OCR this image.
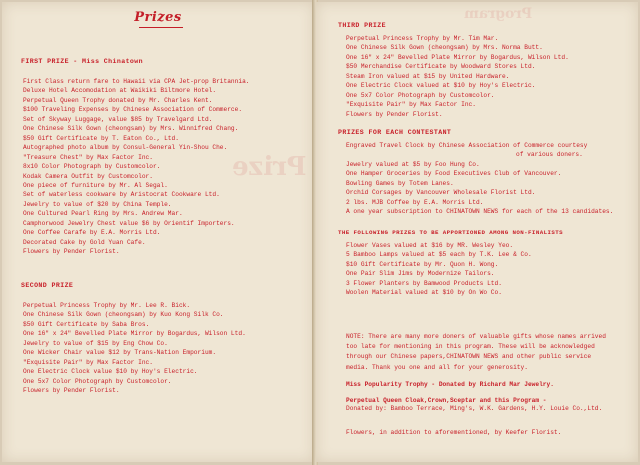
Prize
Prizes
FIRST PRIZE - Miss Chinatown
First Class return fare to Hawaii via CPA Jet-prop Britannia.
Deluxe Hotel Accomodation at Waikiki Biltmore Hotel.
Perpetual Queen Trophy donated by Mr. Charles Kent.
$100 Traveling Expenses by Chinese Association of Commerce.
Set of Skyway Luggage, value $85 by Travelgard Ltd.
One Chinese Silk Gown (cheongsam) by Mrs. Winnifred Chang.
$50 Gift Certificate by T. Eaton Co., Ltd.
Autographed photo album by Consul-General Yin-Shou Che.
"Treasure Chest" by Max Factor Inc.
8x10 Color Photograph by Customcolor.
Kodak Camera Outfit by Customcolor.
One piece of furniture by Mr. Al Segal.
Set of waterless cookware by Aristocrat Cookware Ltd.
Jewelry to value of $20 by China Temple.
One Cultured Pearl Ring by Mrs. Andrew Mar.
Camphorwood Jewelry Chest value $6 by Orientif Importers.
One Coffee Carafe by E.A. Morris Ltd.
Decorated Cake by Gold Yuan Cafe.
Flowers by Pender Florist.
SECOND PRIZE
Perpetual Princess Trophy by Mr. Lee R. Bick.
One Chinese Silk Gown (cheongsam) by Kuo Kong Silk Co.
$50 Gift Certificate by Saba Bros.
One 16" x 24" Bevelled Plate Mirror by Bogardus, Wilson Ltd.
Jewelry to value of $15 by Eng Chow Co.
One Wicker Chair value $12 by Trans-Nation Emporium.
"Exquisite Pair" by Max Factor Inc.
One Electric Clock value $10 by Hoy's Electric.
One 5x7 Color Photograph by Customcolor.
Flowers by Pender Florist.
Program
THIRD PRIZE
Perpetual Princess Trophy by Mr. Tim Mar.
One Chinese Silk Gown (cheongsam) by Mrs. Norma Butt.
One 16" x 24" Bevelled Plate Mirror by Bogardus, Wilson Ltd.
$50 Merchandise Certificate by Woodward Stores Ltd.
Steam Iron valued at $15 by United Hardware.
One Electric Clock valued at $10 by Hoy's Electric.
One 5x7 Color Photograph by Customcolor.
"Exquisite Pair" by Max Factor Inc.
Flowers by Pender Florist.
PRIZES FOR EACH CONTESTANT
Engraved Travel Clock by Chinese Association of Commerce courtesy
of various doners.
Jewelry valued at $5 by Foo Hung Co.
One Hamper Groceries by Food Executives Club of Vancouver.
Bowling Games by Totem Lanes.
Orchid Corsages by Vancouver Wholesale Florist Ltd.
2 lbs. MJB Coffee by E.A. Morris Ltd.
A one year subscription to CHINATOWN NEWS for each of the 13 candidates.
THE FOLLOWING PRIZES TO BE APPORTIONED AMONG NON-FINALISTS
Flower Vases valued at $16 by MR. Wesley Yeo.
5 Bamboo Lamps valued at $5 each by T.K. Lee & Co.
$10 Gift Certificate by Mr. Quon H. Wong.
One Pair Slim Jims by Modernize Tailors.
3 Flower Planters by Bamwood Products Ltd.
Woolen Material valued at $10 by On Wo Co.
NOTE: There are many more doners of valuable gifts whose names arrived
too late for mentioning in this program. These will be acknowledged
through our Chinese papers,CHINATOWN NEWS and other public service
media. Thank you one and all for your generosity.
Miss Popularity Trophy - Donated by Richard Mar Jewelry.
Perpetual Queen Cloak,Crown,Sceptar and this Program -
Donated by: Bamboo Terrace, Ming's, W.K. Gardens, H.Y. Louie Co.,Ltd.
Flowers, in addition to aforementioned, by Keefer Florist.
